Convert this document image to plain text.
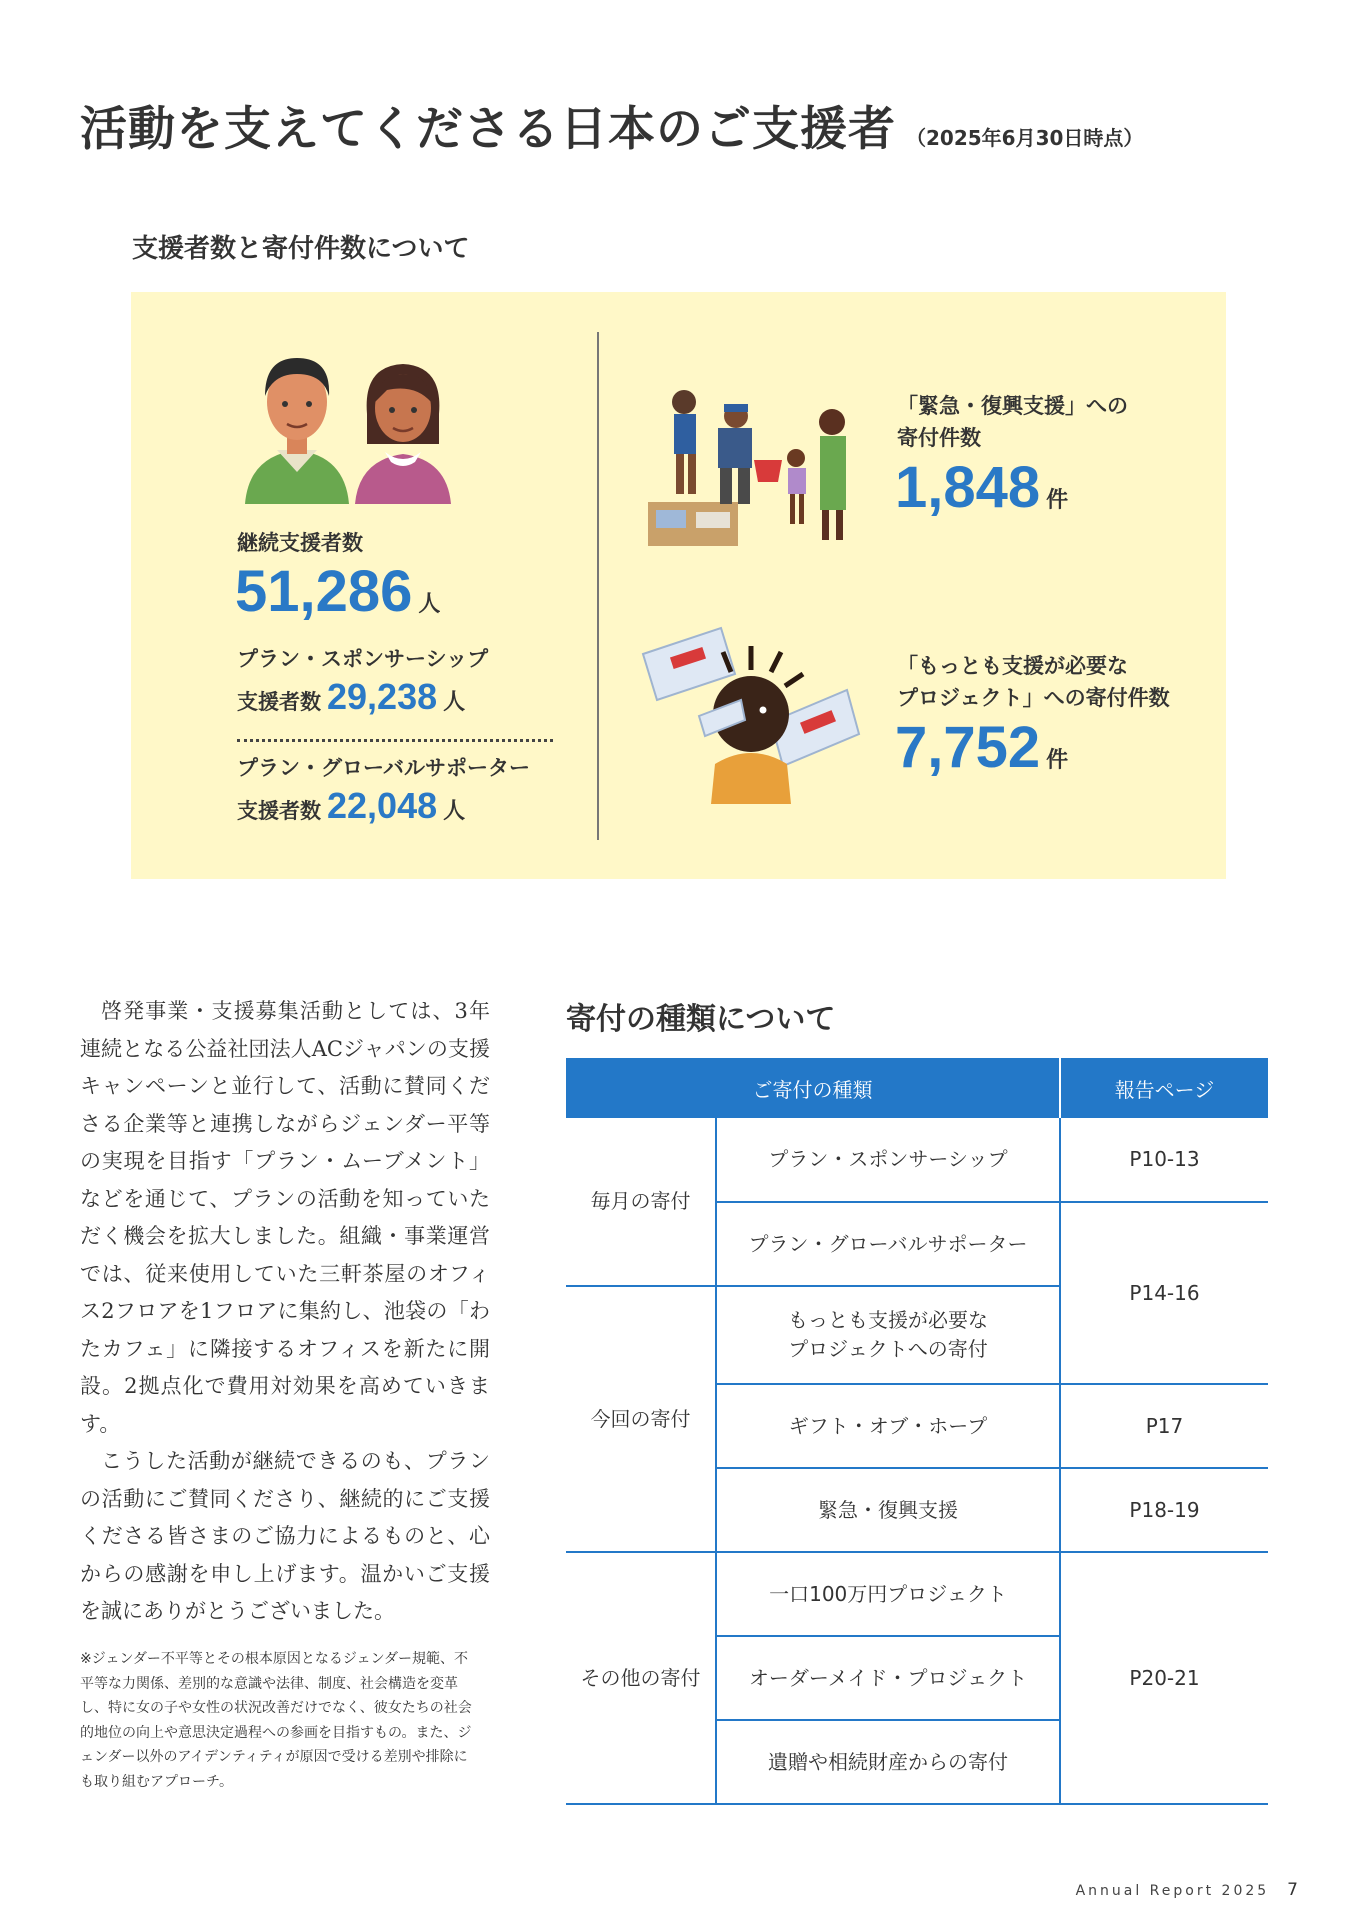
活動を支えてくださる日本のご支援者 （2025年6月30日時点）
支援者数と寄付件数について
継続支援者数
51,286 人
プラン・スポンサーシップ
支援者数 29,238 人
プラン・グローバルサポーター
支援者数 22,048 人
「緊急・復興支援」への
寄付件数
1,848 件
「もっとも支援が必要な
プロジェクト」への寄付件数
7,752 件

啓発事業・支援募集活動としては、3年連続となる公益社団法人ACジャパンの支援キャンペーンと並行して、活動に賛同くださる企業等と連携しながらジェンダー平等の実現を目指す「プラン・ムーブメント」などを通じて、プランの活動を知っていただく機会を拡大しました。組織・事業運営では、従来使用していた三軒茶屋のオフィス2フロアを1フロアに集約し、池袋の「わたカフェ」に隣接するオフィスを新たに開設。2拠点化で費用対効果を高めていきます。

こうした活動が継続できるのも、プランの活動にご賛同くださり、継続的にご支援くださる皆さまのご協力によるものと、心からの感謝を申し上げます。温かいご支援を誠にありがとうございました。

※ジェンダー不平等とその根本原因となるジェンダー規範、不平等な力関係、差別的な意識や法律、制度、社会構造を変革し、特に女の子や女性の状況改善だけでなく、彼女たちの社会的地位の向上や意思決定過程への参画を目指すもの。また、ジェンダー以外のアイデンティティが原因で受ける差別や排除にも取り組むアプローチ。
寄付の種類について
ご寄付の種類		報告ページ
毎月の寄付	プラン・スポンサーシップ	P10-13
	プラン・グローバルサポーター	P14-16
今回の寄付	もっとも支援が必要な
プロジェクトへの寄付	
	ギフト・オブ・ホープ	P17
	緊急・復興支援	P18-19
その他の寄付	一口100万円プロジェクト	P20-21
	オーダーメイド・プロジェクト	
	遺贈や相続財産からの寄付	
Annual Report 2025 7
